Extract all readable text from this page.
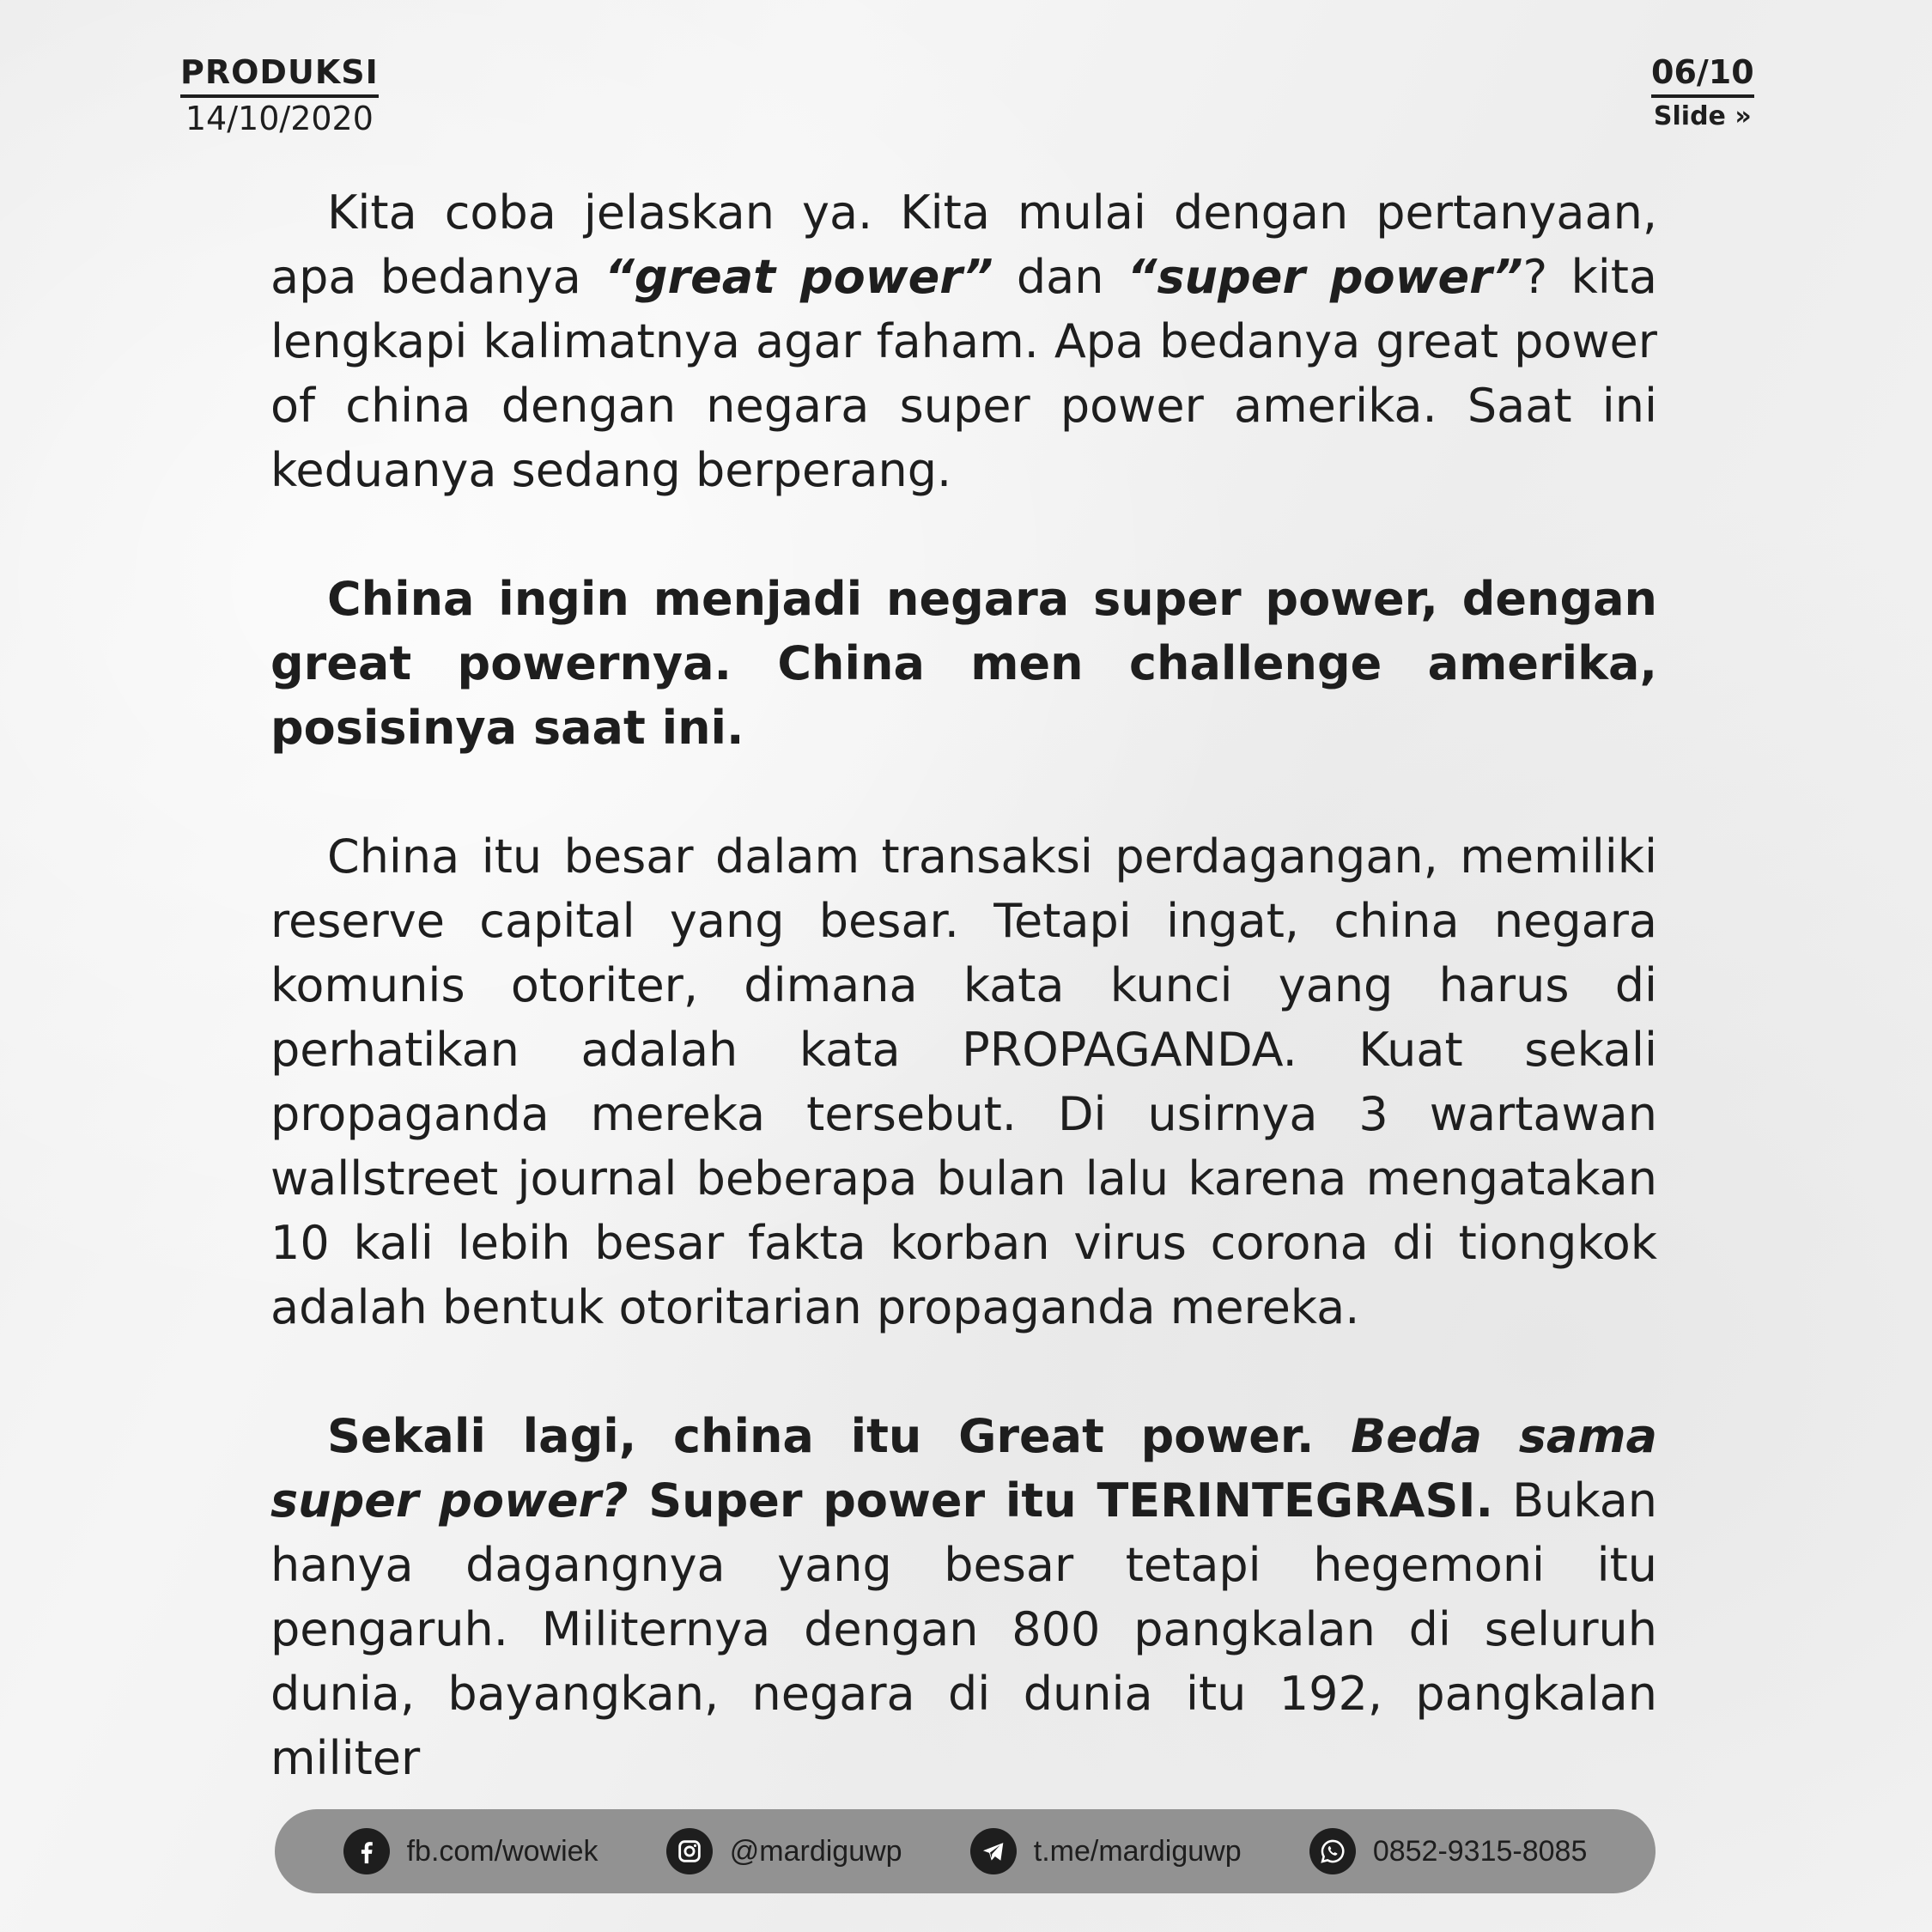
PRODUKSI
14/10/2020
06/10
Slide »

Kita coba jelaskan ya. Kita mulai dengan pertanyaan, apa bedanya “great power” dan “super power”? kita lengkapi kalimatnya agar faham. Apa bedanya great power of china dengan negara super power amerika. Saat ini keduanya sedang berperang.

China ingin menjadi negara super power, dengan great powernya. China men challenge amerika, posisinya saat ini.

China itu besar dalam transaksi perdagangan, memiliki reserve capital yang besar. Tetapi ingat, china negara komunis otoriter, dimana kata kunci yang harus di perhatikan adalah kata PROPAGANDA. Kuat sekali propaganda mereka tersebut. Di usirnya 3 wartawan wallstreet journal beberapa bulan lalu karena mengatakan 10 kali lebih besar fakta korban virus corona di tiongkok adalah bentuk otoritarian propaganda mereka.

Sekali lagi, china itu Great power. Beda sama super power? Super power itu TERINTEGRASI. Bukan hanya dagangnya yang besar tetapi hegemoni itu pengaruh. Militernya dengan 800 pangkalan di seluruh dunia, bayangkan, negara di dunia itu 192, pangkalan militer

fb.com/wowiek	@mardiguwp	t.me/mardiguwp	0852-9315-8085
